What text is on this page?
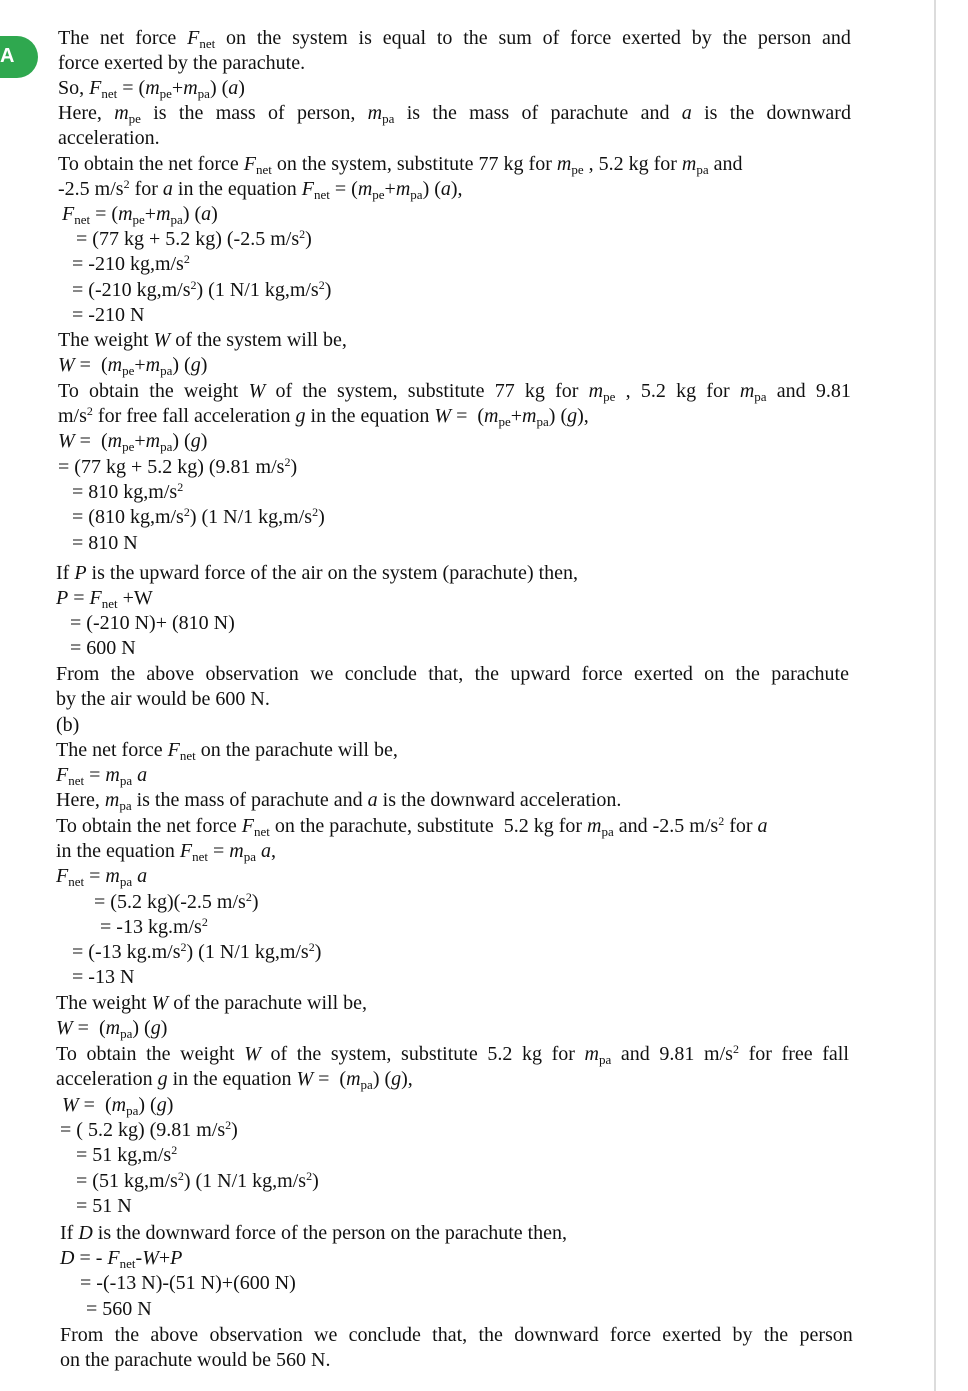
A
The net force $F_{net}$ on the system is equal to the sum of force exerted by the person and
force exerted by the parachute.
So, $F_{net} = (m_{pe}+m_{pa})$ (a)
Here, $m_{pe}$ is the mass of person, $m_{pa}$ is the mass of parachute and a is the downward
acceleration.
To obtain the net force $F_{net}$ on the system, substitute 77 kg for $m_{pe}$ , 5.2 kg for $m_{pa}$ and
-2.5 $m/s^2$ for a in the equation $F_{net} = (m_{pe}+m_{pa})$ (a),
$F_{net} = (m_{pe}+m_{pa})$ (a)
= (77 kg + 5.2 kg) (-2.5 $m/s^2$)
= -210 $kg,m/s^2$
= (-210 $kg,m/s^2$) (1 N/1 $kg,m/s^2$)
= -210 N
The weight W of the system will be,
$W = (m_{pe}+m_{pa})$ (g)
To obtain the weight W of the system, substitute 77 kg for $m_{pe}$ , 5.2 kg for $m_{pa}$ and 9.81
$m/s^2$ for free fall acceleration g in the equation $W = (m_{pe}+m_{pa})$ (g),
$W = (m_{pe}+m_{pa})$ (g)
= (77 kg + 5.2 kg) (9.81 $m/s^2$)
= 810 $kg,m/s^2$
= (810 $kg,m/s^2$) (1 N/1 $kg,m/s^2$)
= 810 N
If P is the upward force of the air on the system (parachute) then,
$P = F_{net} +W$
= (-210 N)+ (810 N)
= 600 N
From the above observation we conclude that, the upward force exerted on the parachute
by the air would be 600 N.
(b)
The net force $F_{net}$ on the parachute will be,
$F_{net} = m_{pa}$ a
Here, $m_{pa}$ is the mass of parachute and a is the downward acceleration.
To obtain the net force $F_{net}$ on the parachute, substitute  5.2 kg for $m_{pa}$ and -2.5 $m/s^2$ for a
in the equation $F_{net} = m_{pa}$ a,
$F_{net} = m_{pa}$ a
= (5.2 kg)(-2.5 $m/s^2$)
= -13 $kg.m/s^2$
= (-13 $kg.m/s^2$) (1 N/1 $kg,m/s^2$)
= -13 N
The weight W of the parachute will be,
$W = (m_{pa})$ (g)
To obtain the weight W of the system, substitute 5.2 kg for $m_{pa}$ and 9.81 $m/s^2$ for free fall
acceleration g in the equation $W = (m_{pa})$ (g),
$W = (m_{pa})$ (g)
= ( 5.2 kg) (9.81 $m/s^2$)
= 51 $kg,m/s^2$
= (51 $kg,m/s^2$) (1 N/1 $kg,m/s^2$)
= 51 N
If D is the downward force of the person on the parachute then,
D = - $F_{net}-W+P$
= -(-13 N)-(51 N)+(600 N)
= 560 N
From the above observation we conclude that, the downward force exerted by the person
on the parachute would be 560 N.
